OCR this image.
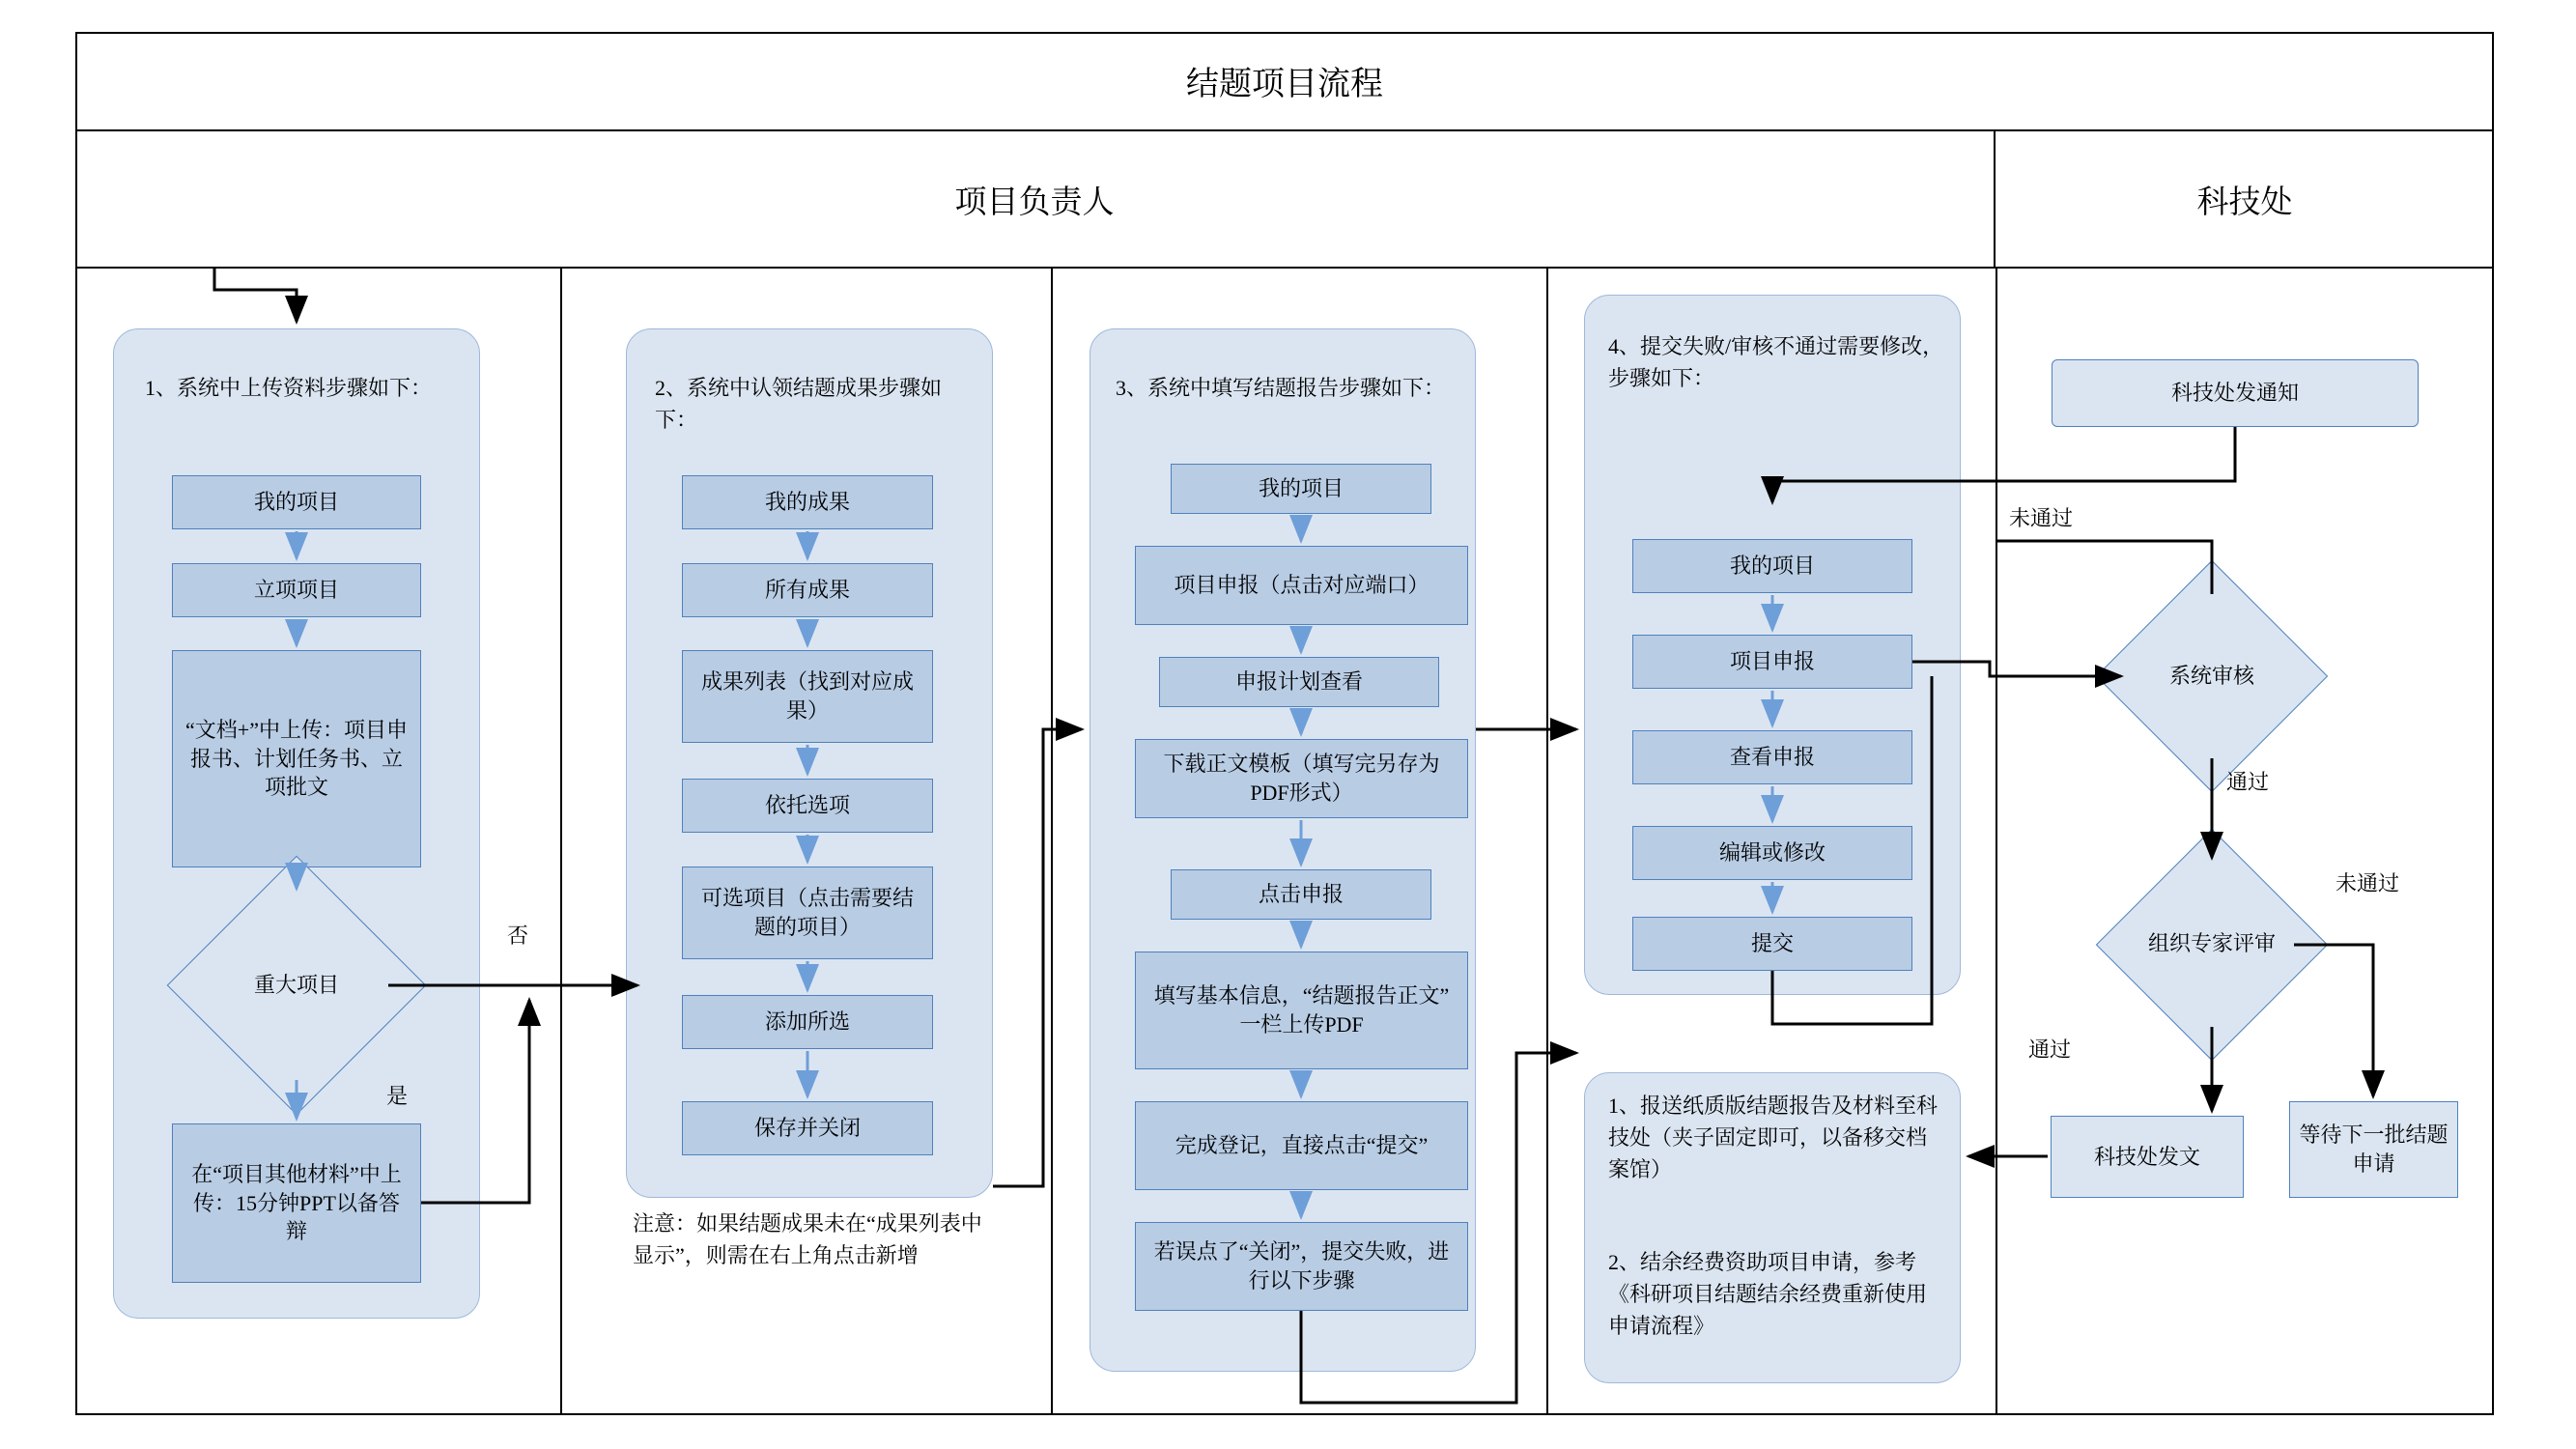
结题项目流程
项目负责人	科技处
1、系统中上传资料步骤如下：
我的项目
立项项目
“文档+”中上传：项目申报书、计划任务书、立项批文
重大项目
否
是
在“项目其他材料”中上传：15分钟PPT以备答辩
2、系统中认领结题成果步骤如下：
我的成果
所有成果
成果列表（找到对应成果）
依托选项
可选项目（点击需要结题的项目）
添加所选
保存并关闭
注意：如果结题成果未在“成果列表中显示”，则需在右上角点击新增
3、系统中填写结题报告步骤如下：
我的项目
项目申报（点击对应端口）
申报计划查看
下载正文模板（填写完另存为PDF形式）
点击申报
填写基本信息，“结题报告正文”一栏上传PDF
完成登记，直接点击“提交”
若误点了“关闭”，提交失败，进行以下步骤
4、提交失败/审核不通过需要修改，步骤如下：
我的项目
项目申报
查看申报
编辑或修改
提交
1、报送纸质版结题报告及材料至科技处（夹子固定即可，以备移交档案馆）
2、结余经费资助项目申请，参考《科研项目结题结余经费重新使用申请流程》
科技处发通知
系统审核
未通过
通过
组织专家评审
未通过
通过
科技处发文
等待下一批结题申请
